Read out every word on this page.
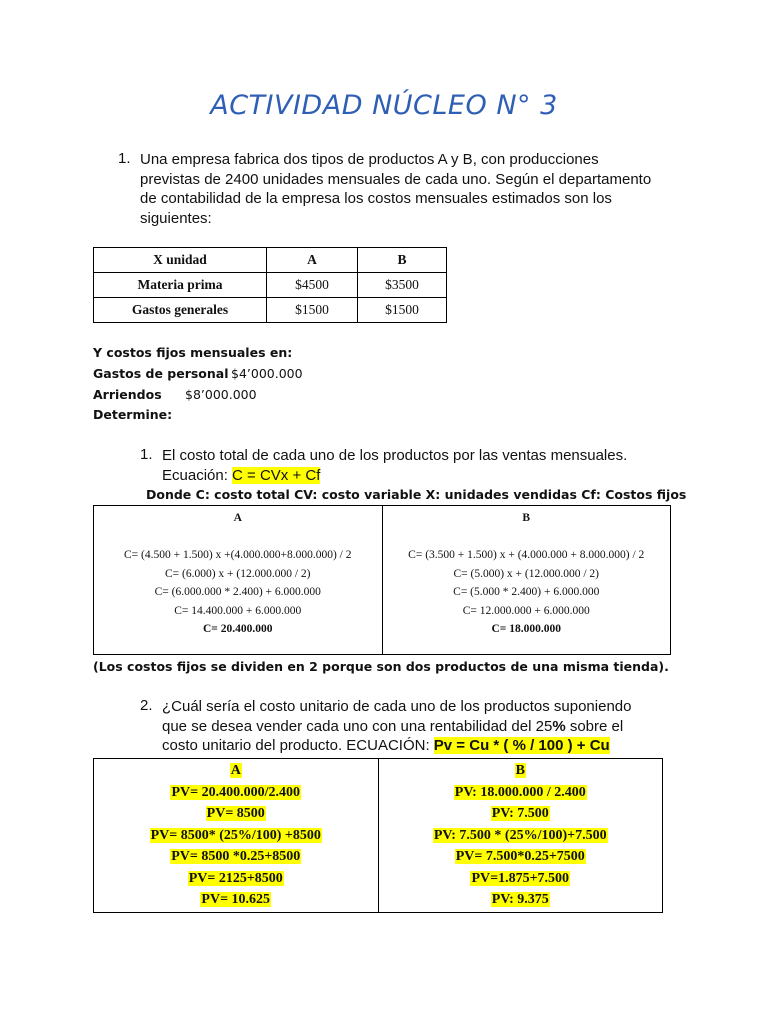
ACTIVIDAD NÚCLEO N° 3
1. Una empresa fabrica dos tipos de productos A y B, con producciones
previstas de 2400 unidades mensuales de cada uno. Según el departamento
de contabilidad de la empresa los costos mensuales estimados son los
siguientes:
X unidad	A	B
Materia prima	$4500	$3500
Gastos generales	$1500	$1500
Y costos fijos mensuales en:
Gastos de personal $4’000.000
Arriendos $8’000.000
Determine:
1. El costo total de cada uno de los productos por las ventas mensuales.
Ecuación: C = CVx + Cf
Donde C: costo total CV: costo variable X: unidades vendidas Cf: Costos fijos
A

C= (4.500 + 1.500) x +(4.000.000+8.000.000) / 2
C= (6.000) x + (12.000.000 / 2)
C= (6.000.000 * 2.400) + 6.000.000
C= 14.400.000 + 6.000.000
C= 20.400.000

B

C= (3.500 + 1.500) x + (4.000.000 + 8.000.000) / 2
C= (5.000) x + (12.000.000 / 2)
C= (5.000 * 2.400) + 6.000.000
C= 12.000.000 + 6.000.000
C= 18.000.000
(Los costos fijos se dividen en 2 porque son dos productos de una misma tienda).
2. ¿Cuál sería el costo unitario de cada uno de los productos suponiendo
que se desea vender cada uno con una rentabilidad del 25% sobre el
costo unitario del producto. ECUACIÓN: Pv = Cu * ( % / 100 ) + Cu
A
PV= 20.400.000/2.400
PV= 8500
PV= 8500* (25%/100) +8500
PV= 8500 *0.25+8500
PV= 2125+8500
PV= 10.625

B
PV: 18.000.000 / 2.400
PV: 7.500
PV: 7.500 * (25%/100)+7.500
PV= 7.500*0.25+7500
PV=1.875+7.500
PV: 9.375
